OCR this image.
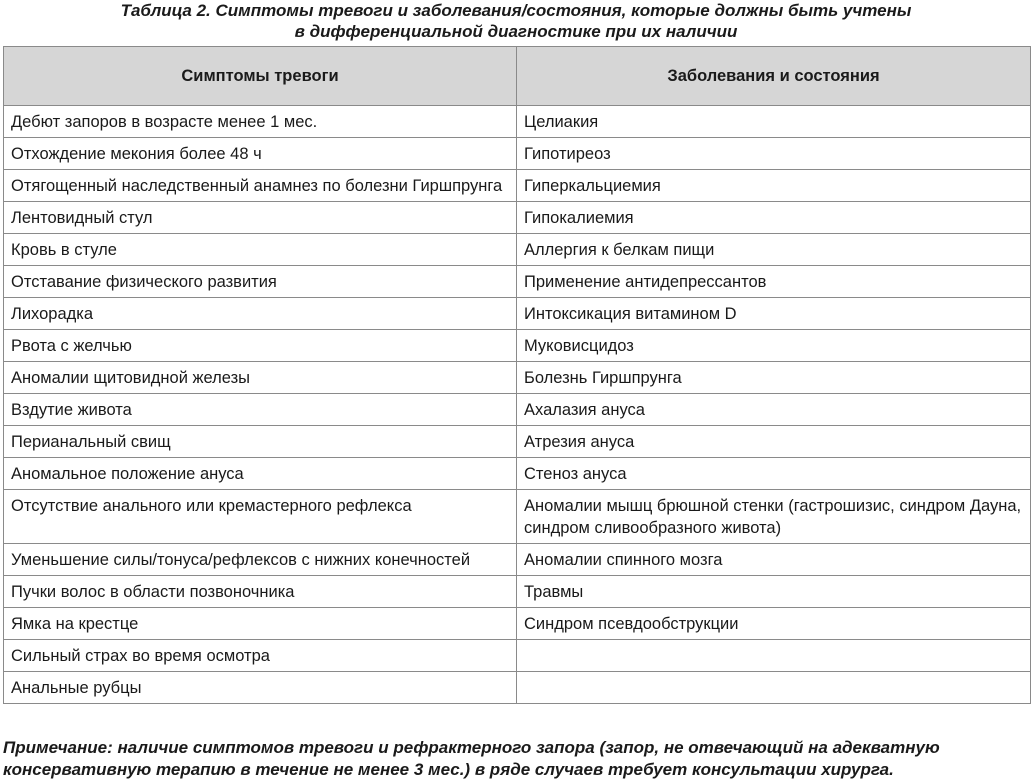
Таблица 2. Симптомы тревоги и заболевания/состояния, которые должны быть учтены
в дифференциальной диагностике при их наличии
Симптомы тревоги	Заболевания и состояния
Дебют запоров в возрасте менее 1 мес.	Целиакия
Отхождение мекония более 48 ч	Гипотиреоз
Отягощенный наследственный анамнез по болезни Гиршпрунга	Гиперкальциемия
Лентовидный стул	Гипокалиемия
Кровь в стуле	Аллергия к белкам пищи
Отставание физического развития	Применение антидепрессантов
Лихорадка	Интоксикация витамином D
Рвота с желчью	Муковисцидоз
Аномалии щитовидной железы	Болезнь Гиршпрунга
Вздутие живота	Ахалазия ануса
Перианальный свищ	Атрезия ануса
Аномальное положение ануса	Стеноз ануса
Отсутствие анального или кремастерного рефлекса	Аномалии мышц брюшной стенки (гастрошизис, синдром Дауна, синдром сливообразного живота)
Уменьшение силы/тонуса/рефлексов с нижних конечностей	Аномалии спинного мозга
Пучки волос в области позвоночника	Травмы
Ямка на крестце	Синдром псевдообструкции
Сильный страх во время осмотра	
Анальные рубцы	
Примечание: наличие симптомов тревоги и рефрактерного запора (запор, не отвечающий на адекватную консервативную терапию в течение не менее 3 мес.) в ряде случаев требует консультации хирурга.
